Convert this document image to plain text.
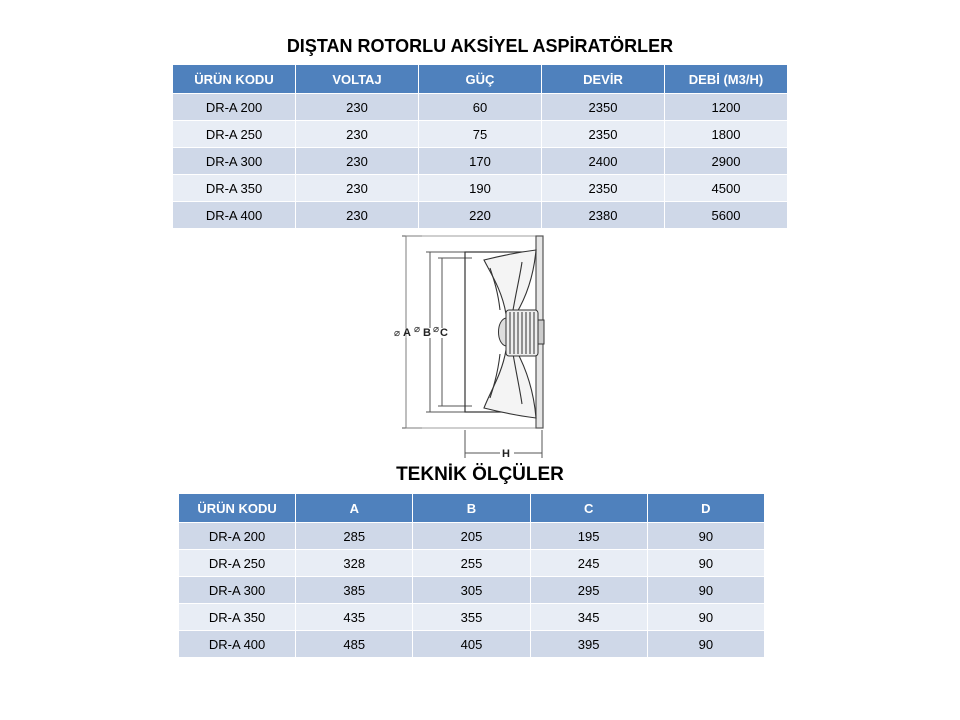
DIŞTAN ROTORLU AKSİYEL ASPİRATÖRLER
ÜRÜN KODU	VOLTAJ	GÜÇ	DEVİR	DEBİ (M3/H)
DR-A 200	230	60	2350	1200
DR-A 250	230	75	2350	1800
DR-A 300	230	170	2400	2900
DR-A 350	230	190	2350	4500
DR-A 400	230	220	2380	5600
⌀ A ⌀ B ⌀ C
H
TEKNİK ÖLÇÜLER
ÜRÜN KODU	A	B	C	D
DR-A 200	285	205	195	90
DR-A 250	328	255	245	90
DR-A 300	385	305	295	90
DR-A 350	435	355	345	90
DR-A 400	485	405	395	90
